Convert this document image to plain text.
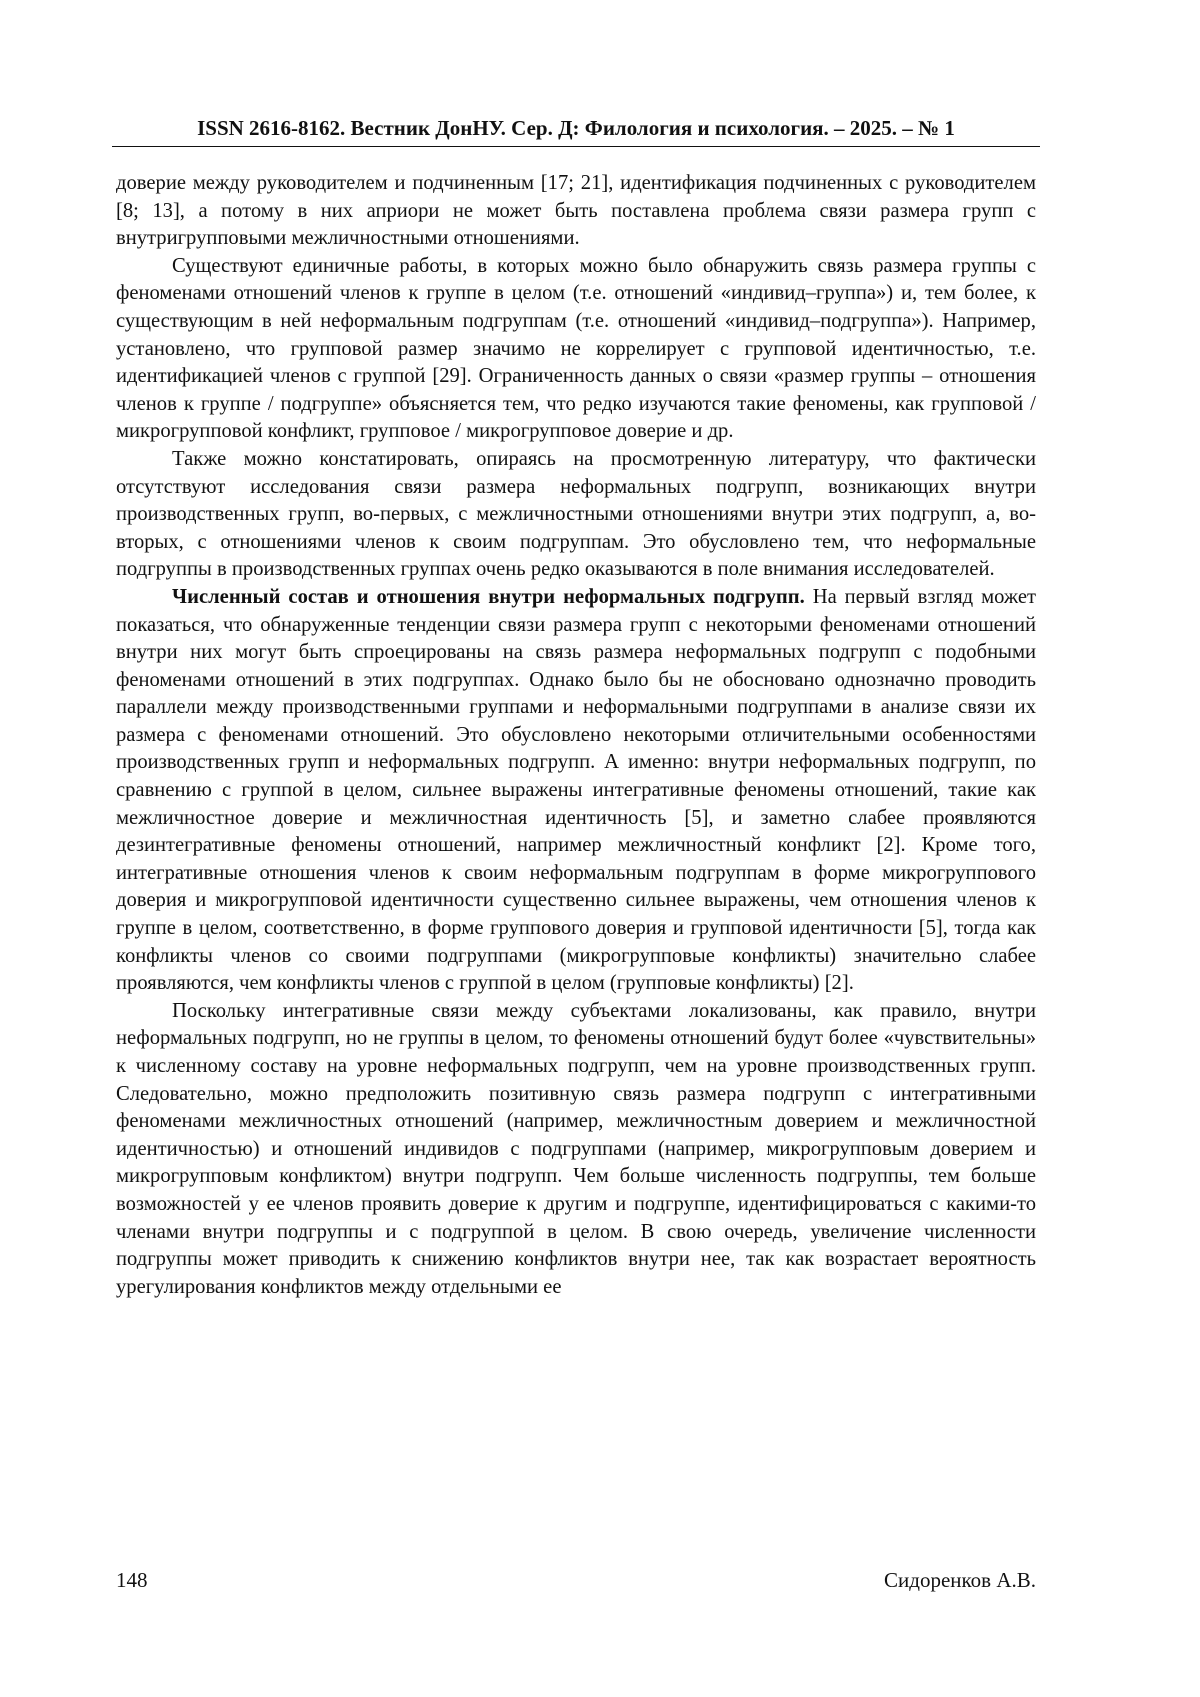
ISSN 2616-8162. Вестник ДонНУ. Сер. Д: Филология и психология. – 2025. – № 1

доверие между руководителем и подчиненным [17; 21], идентификация подчиненных с руководителем [8; 13], а потому в них априори не может быть поставлена проблема связи размера групп с внутригрупповыми межличностными отношениями.

Существуют единичные работы, в которых можно было обнаружить связь размера группы с феноменами отношений членов к группе в целом (т.е. отношений «индивид–группа») и, тем более, к существующим в ней неформальным подгруппам (т.е. отношений «индивид–подгруппа»). Например, установлено, что групповой размер значимо не коррелирует с групповой идентичностью, т.е. идентификацией членов с группой [29]. Ограниченность данных о связи «размер группы – отношения членов к группе / подгруппе» объясняется тем, что редко изучаются такие феномены, как групповой / микрогрупповой конфликт, групповое / микрогрупповое доверие и др.

Также можно констатировать, опираясь на просмотренную литературу, что фактически отсутствуют исследования связи размера неформальных подгрупп, возникающих внутри производственных групп, во-первых, с межличностными отношениями внутри этих подгрупп, а, во-вторых, с отношениями членов к своим подгруппам. Это обусловлено тем, что неформальные подгруппы в производственных группах очень редко оказываются в поле внимания исследователей.

Численный состав и отношения внутри неформальных подгрупп. На первый взгляд может показаться, что обнаруженные тенденции связи размера групп с некоторыми феноменами отношений внутри них могут быть спроецированы на связь размера неформальных подгрупп с подобными феноменами отношений в этих подгруппах. Однако было бы не обосновано однозначно проводить параллели между производственными группами и неформальными подгруппами в анализе связи их размера с феноменами отношений. Это обусловлено некоторыми отличительными особенностями производственных групп и неформальных подгрупп. А именно: внутри неформальных подгрупп, по сравнению с группой в целом, сильнее выражены интегративные феномены отношений, такие как межличностное доверие и межличностная идентичность [5], и заметно слабее проявляются дезинтегративные феномены отношений, например межличностный конфликт [2]. Кроме того, интегративные отношения членов к своим неформальным подгруппам в форме микрогруппового доверия и микрогрупповой идентичности существенно сильнее выражены, чем отношения членов к группе в целом, соответственно, в форме группового доверия и групповой идентичности [5], тогда как конфликты членов со своими подгруппами (микрогрупповые конфликты) значительно слабее проявляются, чем конфликты членов с группой в целом (групповые конфликты) [2].

Поскольку интегративные связи между субъектами локализованы, как правило, внутри неформальных подгрупп, но не группы в целом, то феномены отношений будут более «чувствительны» к численному составу на уровне неформальных подгрупп, чем на уровне производственных групп. Следовательно, можно предположить позитивную связь размера подгрупп с интегративными феноменами межличностных отношений (например, межличностным доверием и межличностной идентичностью) и отношений индивидов с подгруппами (например, микрогрупповым доверием и микрогрупповым конфликтом) внутри подгрупп. Чем больше численность подгруппы, тем больше возможностей у ее членов проявить доверие к другим и подгруппе, идентифицироваться с какими-то членами внутри подгруппы и с подгруппой в целом. В свою очередь, увеличение численности подгруппы может приводить к снижению конфликтов внутри нее, так как возрастает вероятность урегулирования конфликтов между отдельными ее

148	Сидоренков А.В.
